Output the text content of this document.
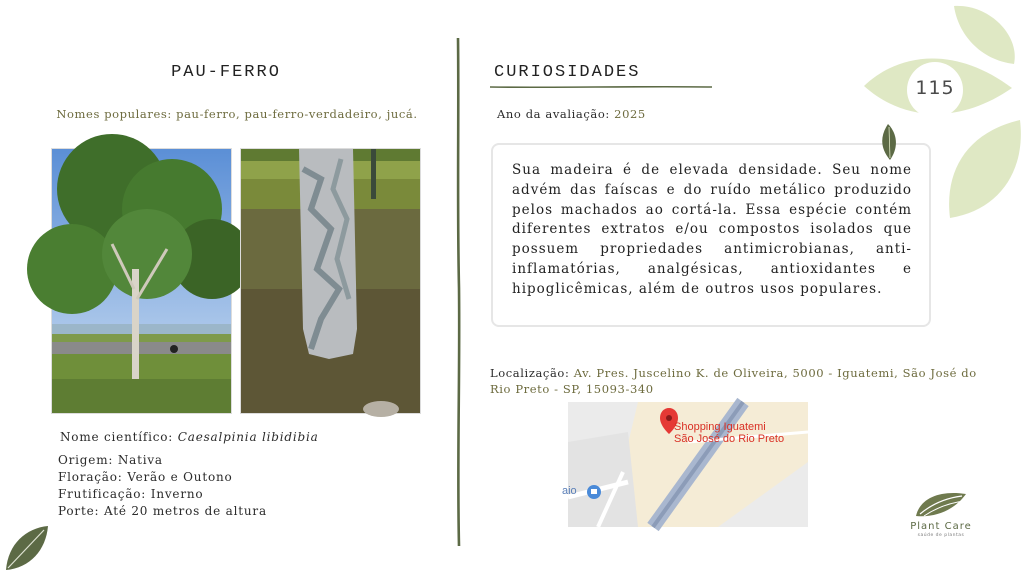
PAU-FERRO
Nomes populares: pau-ferro, pau-ferro-verdadeiro, jucá.
Nome científico: Caesalpinia libidibia
Origem: Nativa
Floração: Verão e Outono
Frutificação: Inverno
Porte: Até 20 metros de altura
CURIOSIDADES
Ano da avaliação: 2025
Sua madeira é de elevada densidade. Seu nome advém das faíscas e do ruído metálico produzido pelos machados ao cortá-la. Essa espécie contém diferentes extratos e/ou compostos isolados que possuem propriedades antimicrobianas, anti-inflamatórias, analgésicas, antioxidantes e hipoglicêmicas, além de outros usos populares.
Localização: Av. Pres. Juscelino K. de Oliveira, 5000 - Iguatemi, São José do Rio Preto - SP, 15093-340
Shopping Iguatemi
São José do Rio Preto
aio
115
Plant Care
saúde de plantas
